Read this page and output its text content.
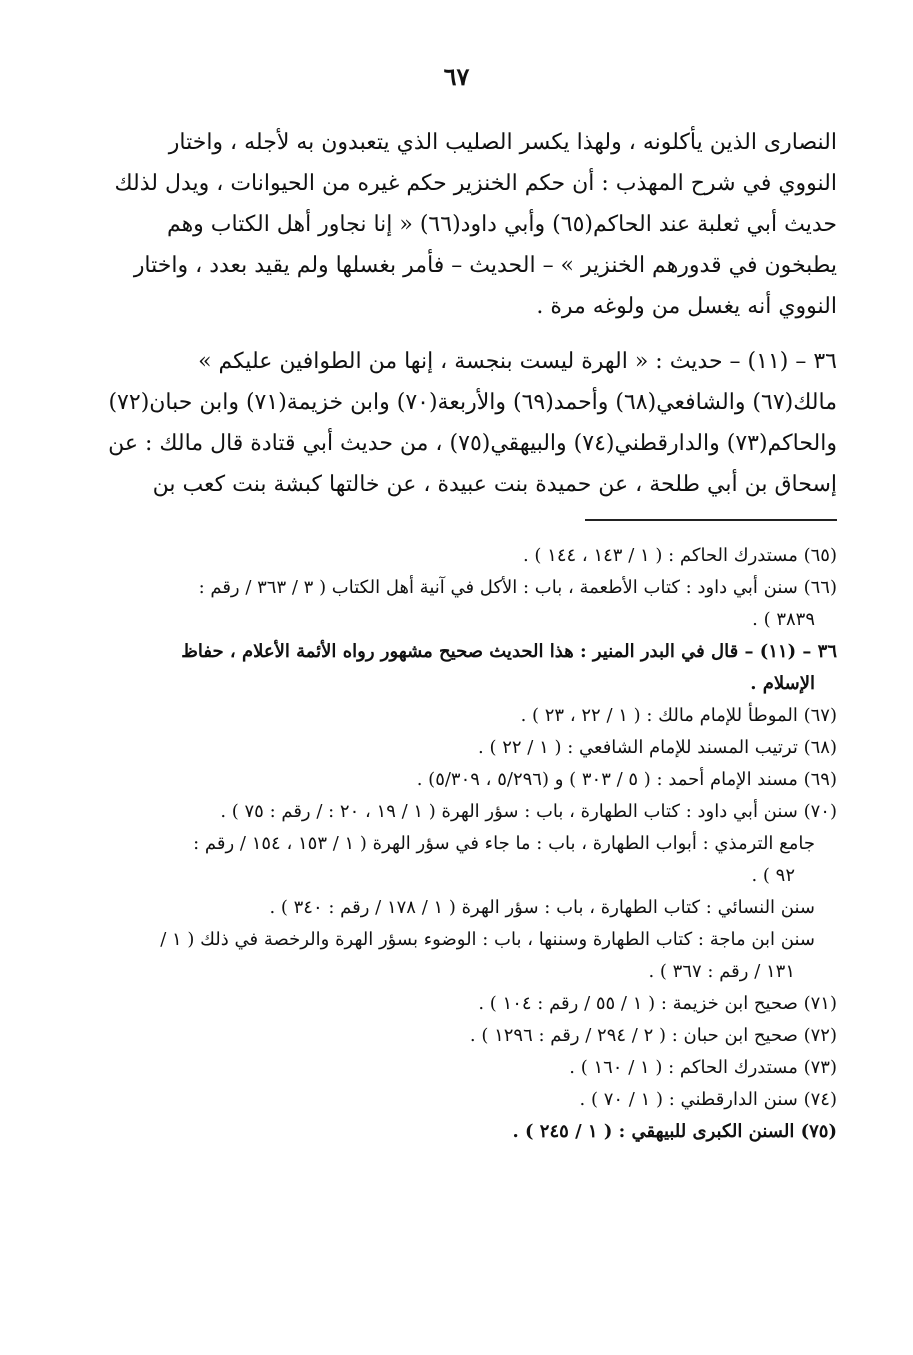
٦٧
النصارى الذين يأكلونه ، ولهذا يكسر الصليب الذي يتعبدون به لأجله ، واختار
النووي في شرح المهذب : أن حكم الخنزير حكم غيره من الحيوانات ، ويدل لذلك
حديث أبي ثعلبة عند الحاكم(٦٥) وأبي داود(٦٦) « إنا نجاور أهل الكتاب وهم
يطبخون في قدورهم الخنزير » – الحديث – فأمر بغسلها ولم يقيد بعدد ، واختار
النووي أنه يغسل من ولوغه مرة .
٣٦ – (١١) – حديث : « الهرة ليست بنجسة ، إنها من الطوافين عليكم »
مالك(٦٧) والشافعي(٦٨) وأحمد(٦٩) والأربعة(٧٠) وابن خزيمة(٧١) وابن حبان(٧٢)
والحاكم(٧٣) والدارقطني(٧٤) والبيهقي(٧٥) ، من حديث أبي قتادة قال مالك : عن
إسحاق بن أبي طلحة ، عن حميدة بنت عبيدة ، عن خالتها كبشة بنت كعب بن
(٦٥) مستدرك الحاكم : ( ١ / ١٤٣ ، ١٤٤ ) .
(٦٦) سنن أبي داود : كتاب الأطعمة ، باب : الأكل في آنية أهل الكتاب ( ٣ / ٣٦٣ / رقم :
٣٨٣٩ ) .
٣٦ – (١١) – قال في البدر المنير : هذا الحديث صحيح مشهور رواه الأئمة الأعلام ، حفاظ
الإسلام .
(٦٧) الموطأ للإمام مالك : ( ١ / ٢٢ ، ٢٣ ) .
(٦٨) ترتيب المسند للإمام الشافعي : ( ١ / ٢٢ ) .
(٦٩) مسند الإمام أحمد : ( ٥ / ٣٠٣ ) و (٥/٢٩٦ ، ٥/٣٠٩) .
(٧٠) سنن أبي داود : كتاب الطهارة ، باب : سؤر الهرة ( ١ / ١٩ ، ٢٠ : / رقم : ٧٥ ) .
جامع الترمذي : أبواب الطهارة ، باب : ما جاء في سؤر الهرة ( ١ / ١٥٣ ، ١٥٤ / رقم :
٩٢ ) .
سنن النسائي : كتاب الطهارة ، باب : سؤر الهرة ( ١ / ١٧٨ / رقم : ٣٤٠ ) .
سنن ابن ماجة : كتاب الطهارة وسننها ، باب : الوضوء بسؤر الهرة والرخصة في ذلك ( ١ /
١٣١ / رقم : ٣٦٧ ) .
(٧١) صحيح ابن خزيمة : ( ١ / ٥٥ / رقم : ١٠٤ ) .
(٧٢) صحيح ابن حبان : ( ٢ / ٢٩٤ / رقم : ١٢٩٦ ) .
(٧٣) مستدرك الحاكم : ( ١ / ١٦٠ ) .
(٧٤) سنن الدارقطني : ( ١ / ٧٠ ) .
(٧٥) السنن الكبرى للبيهقي : ( ١ / ٢٤٥ ) .
